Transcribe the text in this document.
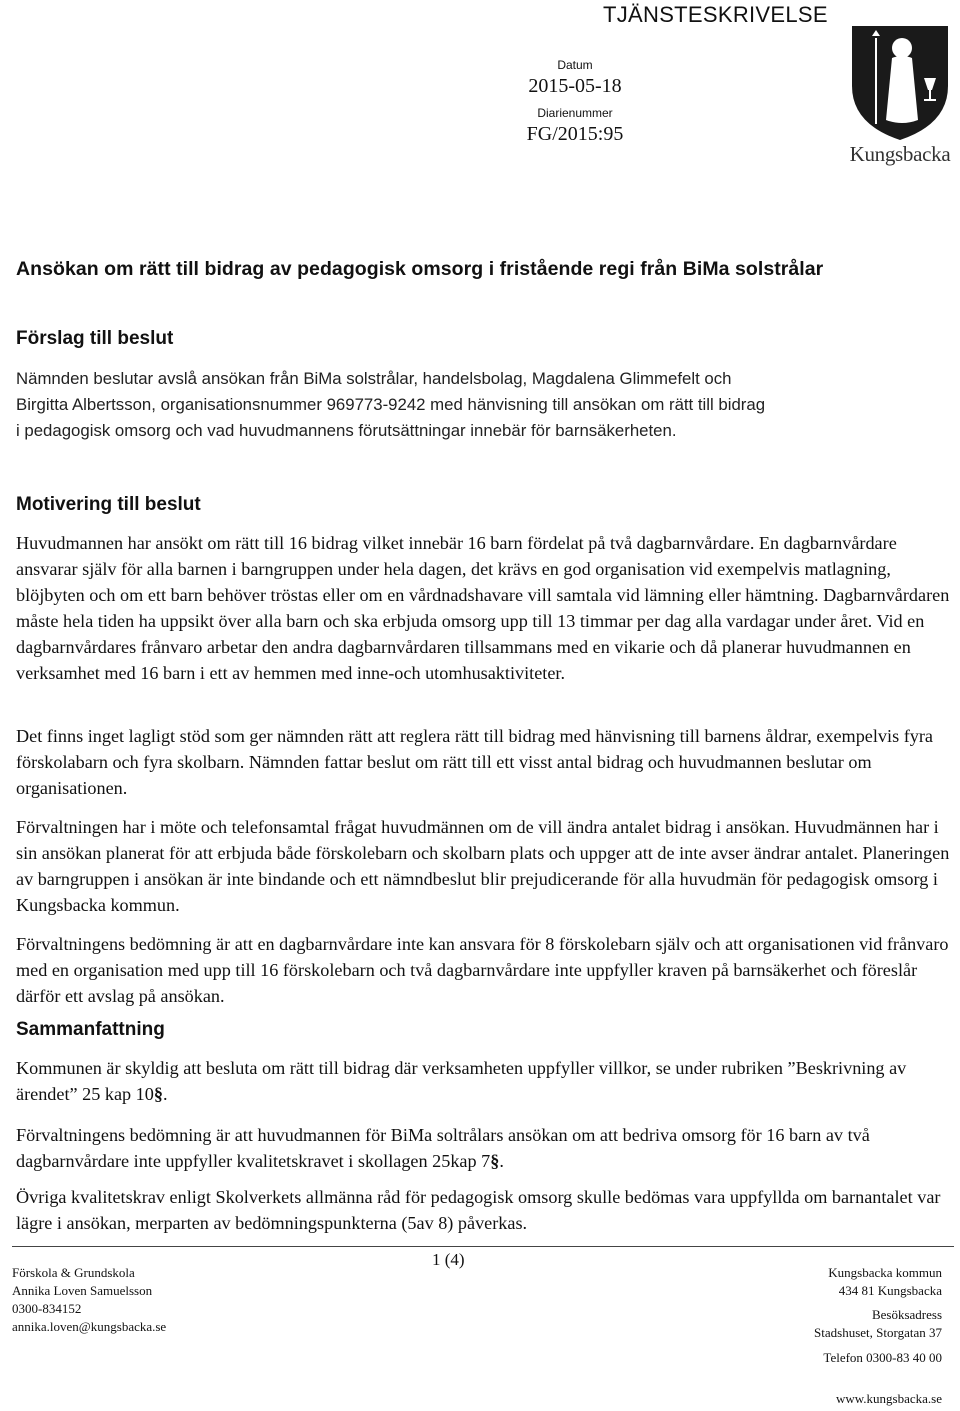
TJÄNSTESKRIVELSE
Datum
2015-05-18
Diarienummer
FG/2015:95
Kungsbacka
Ansökan om rätt till bidrag av pedagogisk omsorg i fristående regi från BiMa solstrålar
Förslag till beslut
Nämnden beslutar avslå ansökan från BiMa solstrålar, handelsbolag, Magdalena Glimmefelt och
Birgitta Albertsson, organisationsnummer 969773-9242 med hänvisning till ansökan om rätt till bidrag
i pedagogisk omsorg och vad huvudmannens förutsättningar innebär för barnsäkerheten.
Motivering till beslut

Huvudmannen har ansökt om rätt till 16 bidrag vilket innebär 16 barn fördelat på två dagbarnvårdare. En dagbarnvårdare ansvarar själv för alla barnen i barngruppen under hela dagen, det krävs en god organisation vid exempelvis matlagning, blöjbyten och om ett barn behöver tröstas eller om en vårdnadshavare vill samtala vid lämning eller hämtning. Dagbarnvårdaren måste hela tiden ha uppsikt över alla barn och ska erbjuda omsorg upp till 13 timmar per dag alla vardagar under året. Vid en dagbarnvårdares frånvaro arbetar den andra dagbarnvårdaren tillsammans med en vikarie och då planerar huvudmannen en verksamhet med 16 barn i ett av hemmen med inne-och utomhusaktiviteter.

Det finns inget lagligt stöd som ger nämnden rätt att reglera rätt till bidrag med hänvisning till barnens åldrar, exempelvis fyra förskolabarn och fyra skolbarn. Nämnden fattar beslut om rätt till ett visst antal bidrag och huvudmannen beslutar om organisationen.

Förvaltningen har i möte och telefonsamtal frågat huvudmännen om de vill ändra antalet bidrag i ansökan. Huvudmännen har i sin ansökan planerat för att erbjuda både förskolebarn och skolbarn plats och uppger att de inte avser ändrar antalet. Planeringen av barngruppen i ansökan är inte bindande och ett nämndbeslut blir prejudicerande för alla huvudmän för pedagogisk omsorg i Kungsbacka kommun.

Förvaltningens bedömning är att en dagbarnvårdare inte kan ansvara för 8 förskolebarn själv och att organisationen vid frånvaro med en organisation med upp till 16 förskolebarn och två dagbarnvårdare inte uppfyller kraven på barnsäkerhet och föreslår därför ett avslag på ansökan.

Sammanfattning

Kommunen är skyldig att besluta om rätt till bidrag där verksamheten uppfyller villkor, se under rubriken ”Beskrivning av ärendet” 25 kap 10§.

Förvaltningens bedömning är att huvudmannen för BiMa soltrålars ansökan om att bedriva omsorg för 16 barn av två dagbarnvårdare inte uppfyller kvalitetskravet i skollagen 25kap 7§.

Övriga kvalitetskrav enligt Skolverkets allmänna råd för pedagogisk omsorg skulle bedömas vara uppfyllda om barnantalet var lägre i ansökan, merparten av bedömningspunkterna (5av 8) påverkas.

1 (4)
Förskola & Grundskola
Annika Loven Samuelsson
0300-834152
annika.loven@kungsbacka.se
Kungsbacka kommun
434 81 Kungsbacka
Besöksadress
Stadshuset, Storgatan 37
Telefon 0300-83 40 00
www.kungsbacka.se
